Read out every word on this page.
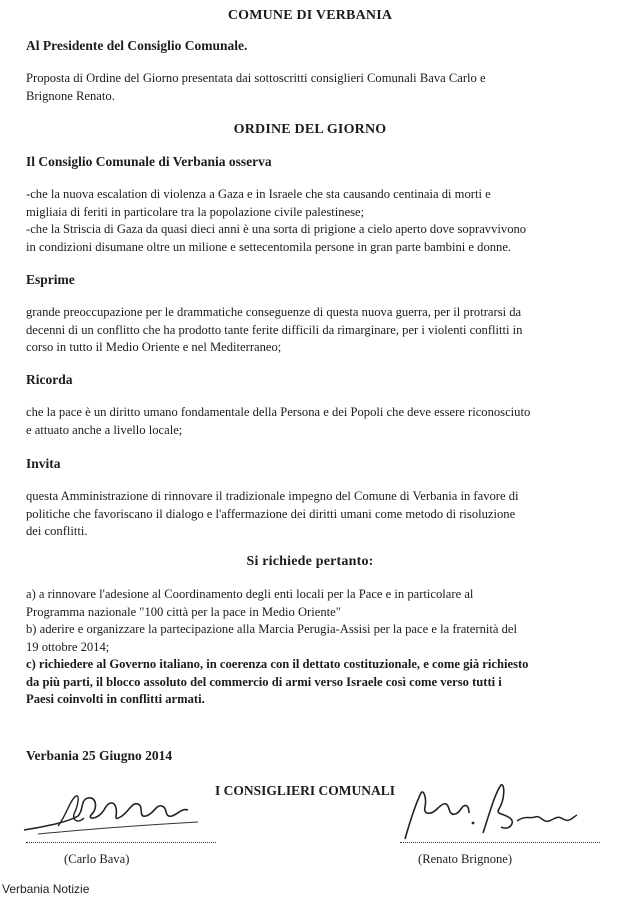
COMUNE DI VERBANIA
Al Presidente del Consiglio Comunale.
Proposta di Ordine del Giorno presentata dai sottoscritti consiglieri Comunali Bava Carlo e
Brignone Renato.
ORDINE DEL GIORNO
Il Consiglio Comunale di Verbania osserva
-che la nuova escalation di violenza a Gaza e in Israele che sta causando centinaia di morti e
migliaia di feriti in particolare tra la popolazione civile palestinese;
-che la Striscia di Gaza da quasi dieci anni è una sorta di prigione a cielo aperto dove sopravvivono
in condizioni disumane oltre un milione e settecentomila persone in gran parte bambini e donne.
Esprime
grande preoccupazione per le drammatiche conseguenze di questa nuova guerra, per il protrarsi da
decenni di un conflitto che ha prodotto tante ferite difficili da rimarginare, per i violenti conflitti in
corso in tutto il Medio Oriente e nel Mediterraneo;
Ricorda
che la pace è un diritto umano fondamentale della Persona e dei Popoli che deve essere riconosciuto
e attuato anche a livello locale;
Invita
questa Amministrazione di rinnovare il tradizionale impegno del Comune di Verbania in favore di
politiche che favoriscano il dialogo e l'affermazione dei diritti umani come metodo di risoluzione
dei conflitti.
Si richiede pertanto:
a) a rinnovare l'adesione al Coordinamento degli enti locali per la Pace e in particolare al
Programma nazionale "100 città per la pace in Medio Oriente"
b) aderire e organizzare la partecipazione alla Marcia Perugia-Assisi per la pace e la fraternità del
19 ottobre 2014;
c) richiedere al Governo italiano, in coerenza con il dettato costituzionale, e come già richiesto
da più parti, il blocco assoluto del commercio di armi verso Israele così come verso tutti i
Paesi coinvolti in conflitti armati.
Verbania 25 Giugno 2014
I CONSIGLIERI COMUNALI
(Carlo Bava)	(Renato Brignone)
Verbania Notizie
